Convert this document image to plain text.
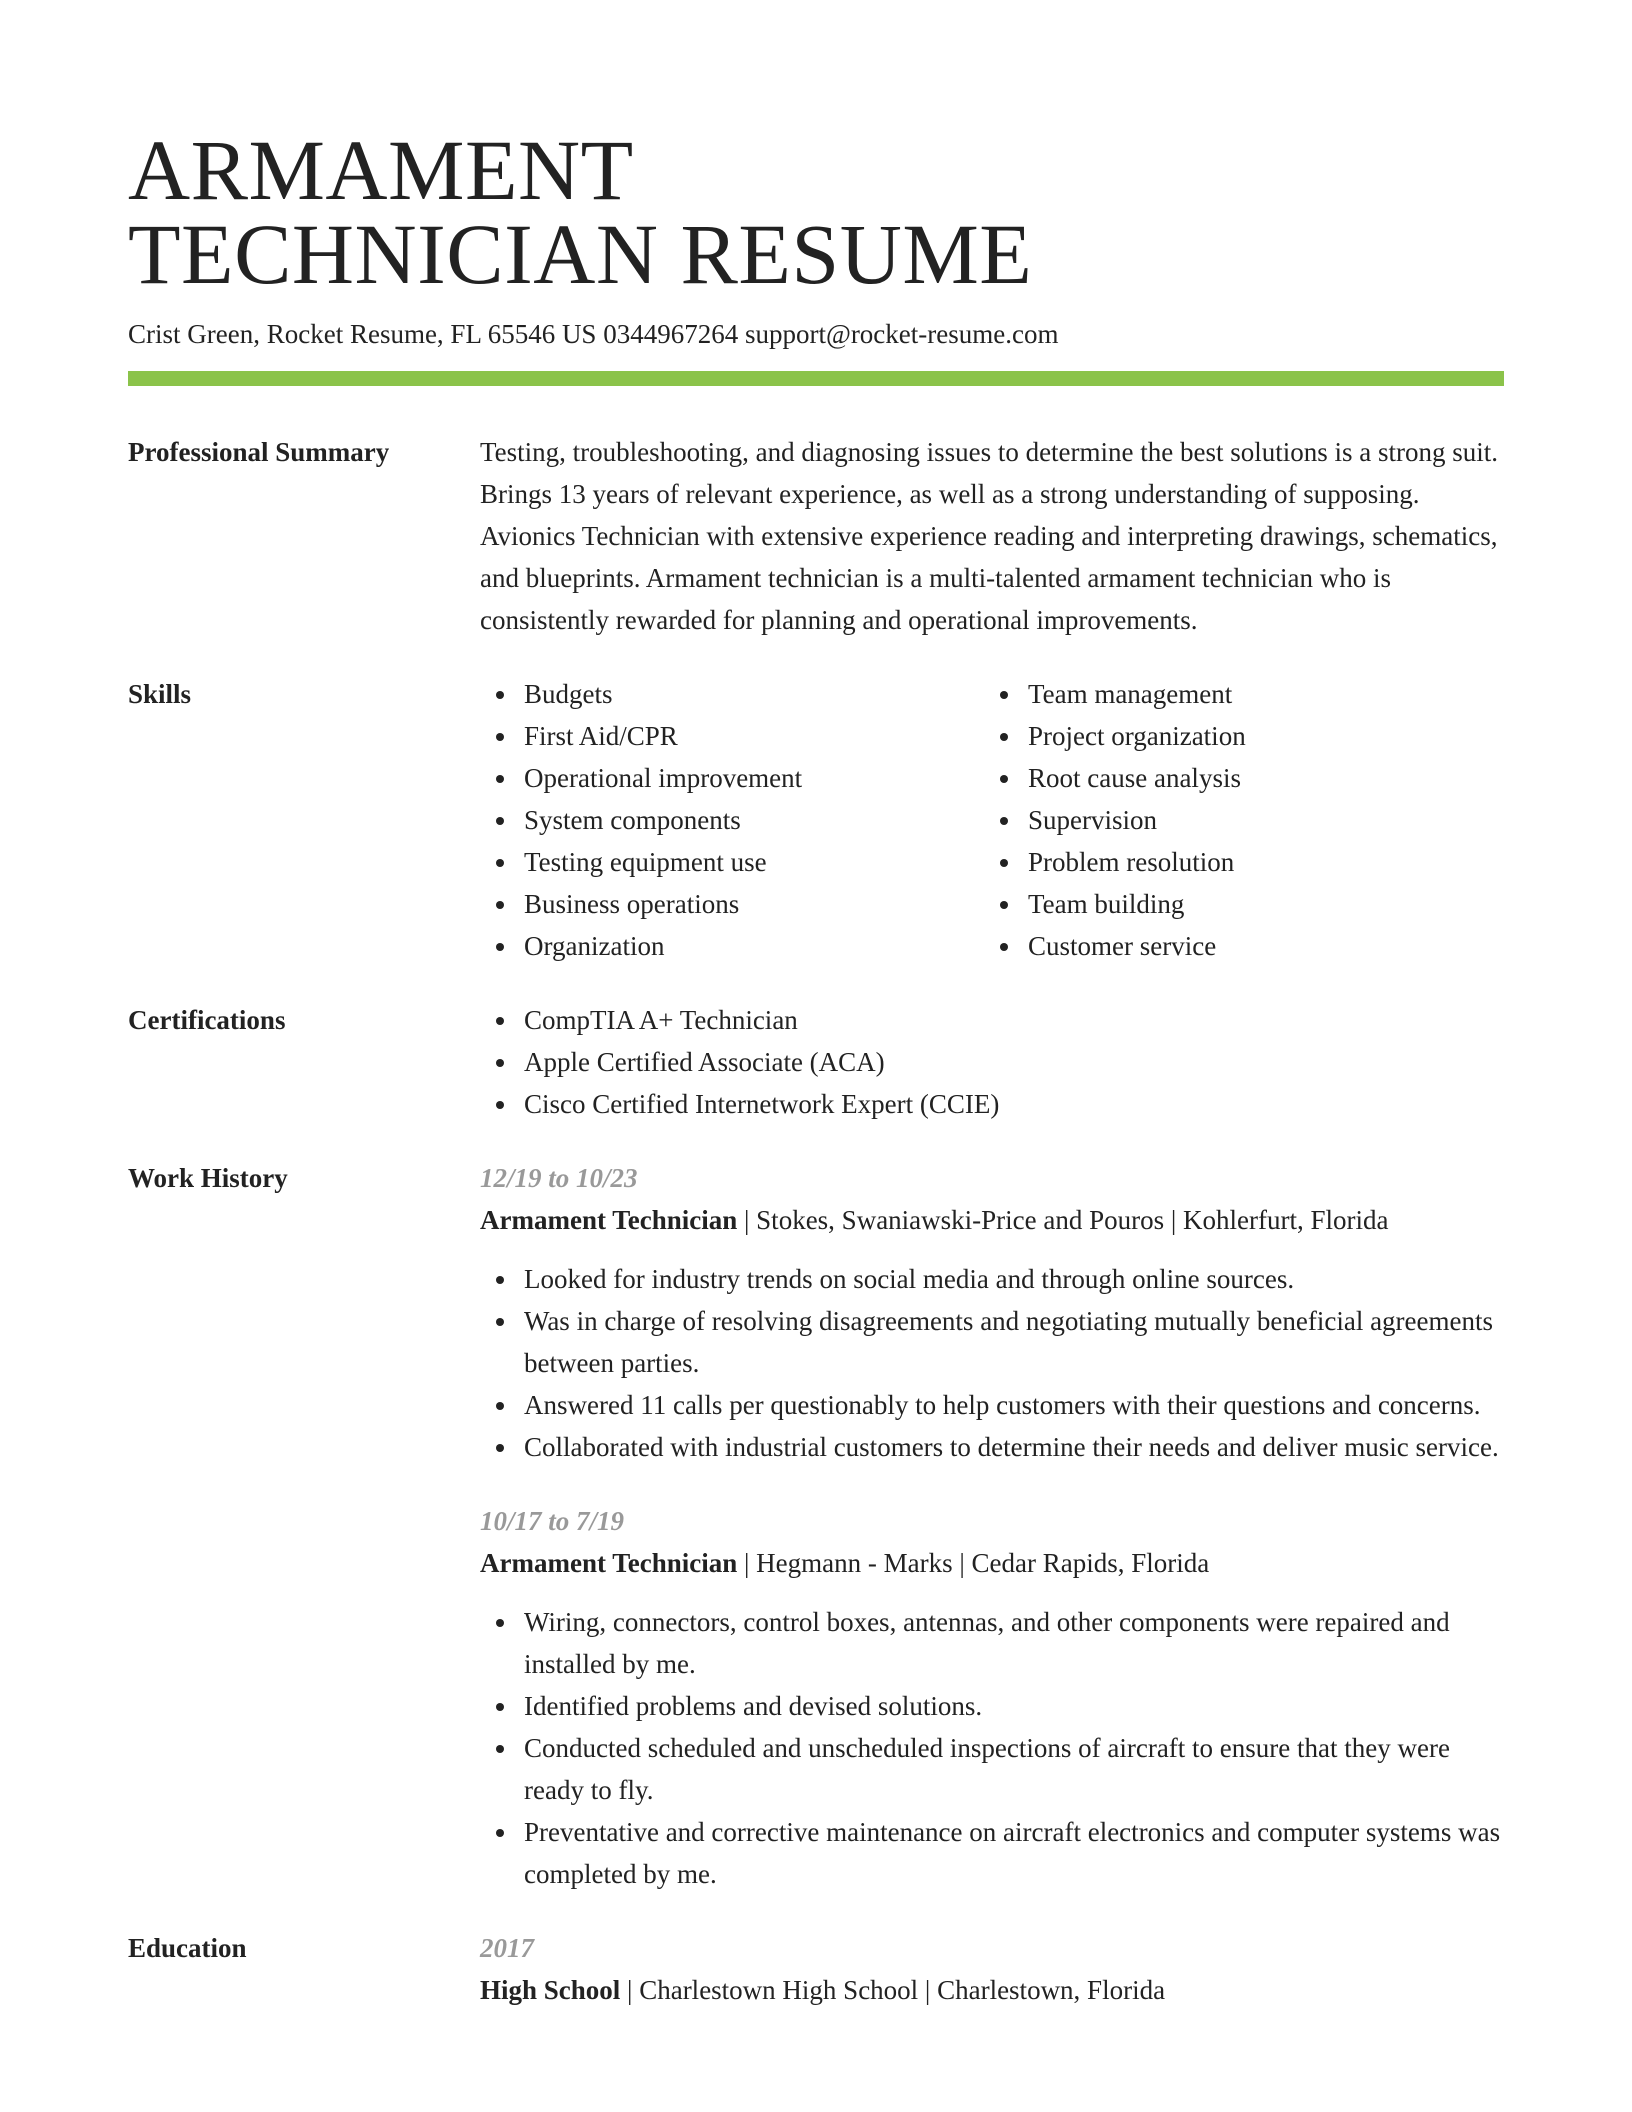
ARMAMENT
TECHNICIAN RESUME
Crist Green, Rocket Resume, FL 65546 US 0344967264 support@rocket-resume.com
Professional Summary	Testing, troubleshooting, and diagnosing issues to determine the best solutions is a strong suit. Brings 13 years of relevant experience, as well as a strong understanding of supposing. Avionics Technician with extensive experience reading and interpreting drawings, schematics, and blueprints. Armament technician is a multi-talented armament technician who is consistently rewarded for planning and operational improvements.
Skills	Budgets
First Aid/CPR
Operational improvement
System components
Testing equipment use
Business operations
Organization
Team management
Project organization
Root cause analysis
Supervision
Problem resolution
Team building
Customer service
Certifications	CompTIA A+ Technician
Apple Certified Associate (ACA)
Cisco Certified Internetwork Expert (CCIE)
Work History	12/19 to 10/23
Armament Technician | Stokes, Swaniawski-Price and Pouros | Kohlerfurt, Florida
Looked for industry trends on social media and through online sources.
Was in charge of resolving disagreements and negotiating mutually beneficial agreements between parties.
Answered 11 calls per questionably to help customers with their questions and concerns.
Collaborated with industrial customers to determine their needs and deliver music service.
10/17 to 7/19
Armament Technician | Hegmann - Marks | Cedar Rapids, Florida
Wiring, connectors, control boxes, antennas, and other components were repaired and installed by me.
Identified problems and devised solutions.
Conducted scheduled and unscheduled inspections of aircraft to ensure that they were ready to fly.
Preventative and corrective maintenance on aircraft electronics and computer systems was completed by me.
Education	2017
High School | Charlestown High School | Charlestown, Florida
